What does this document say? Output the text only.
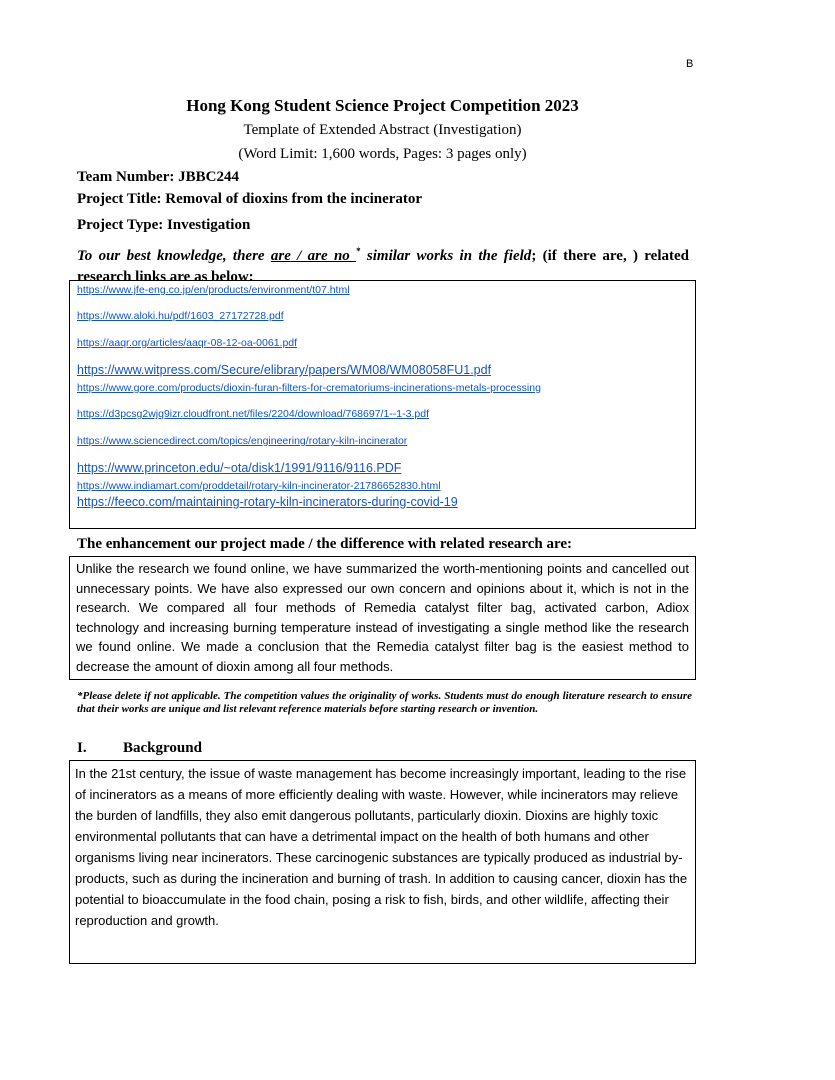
B
Hong Kong Student Science Project Competition 2023
Template of Extended Abstract (Investigation)
(Word Limit: 1,600 words, Pages: 3 pages only)
Team Number: JBBC244
Project Title: Removal of dioxins from the incinerator
Project Type: Investigation
To our best knowledge, there are / are no * similar works in the field; (if there are, ) related research links are as below:
https://www.jfe-eng.co.jp/en/products/environment/t07.html
https://www.aloki.hu/pdf/1603_27172728.pdf
https://aaqr.org/articles/aaqr-08-12-oa-0061.pdf
https://www.witpress.com/Secure/elibrary/papers/WM08/WM08058FU1.pdf
https://www.gore.com/products/dioxin-furan-filters-for-crematoriums-incinerations-metals-processing
https://d3pcsg2wjq9izr.cloudfront.net/files/2204/download/768697/1--1-3.pdf
https://www.sciencedirect.com/topics/engineering/rotary-kiln-incinerator
https://www.princeton.edu/~ota/disk1/1991/9116/9116.PDF
https://www.indiamart.com/proddetail/rotary-kiln-incinerator-21786652830.html
https://feeco.com/maintaining-rotary-kiln-incinerators-during-covid-19
The enhancement our project made / the difference with related research are:
Unlike the research we found online, we have summarized the worth-mentioning points and cancelled out unnecessary points. We have also expressed our own concern and opinions about it, which is not in the research. We compared all four methods of Remedia catalyst filter bag, activated carbon, Adiox technology and increasing burning temperature instead of investigating a single method like the research we found online. We made a conclusion that the Remedia catalyst filter bag is the easiest method to decrease the amount of dioxin among all four methods.
*Please delete if not applicable. The competition values the originality of works. Students must do enough literature research to ensure that their works are unique and list relevant reference materials before starting research or invention.
I. Background
In the 21st century, the issue of waste management has become increasingly important, leading to the rise of incinerators as a means of more efficiently dealing with waste. However, while incinerators may relieve the burden of landfills, they also emit dangerous pollutants, particularly dioxin. Dioxins are highly toxic environmental pollutants that can have a detrimental impact on the health of both humans and other organisms living near incinerators. These carcinogenic substances are typically produced as industrial by-products, such as during the incineration and burning of trash. In addition to causing cancer, dioxin has the potential to bioaccumulate in the food chain, posing a risk to fish, birds, and other wildlife, affecting their reproduction and growth.
